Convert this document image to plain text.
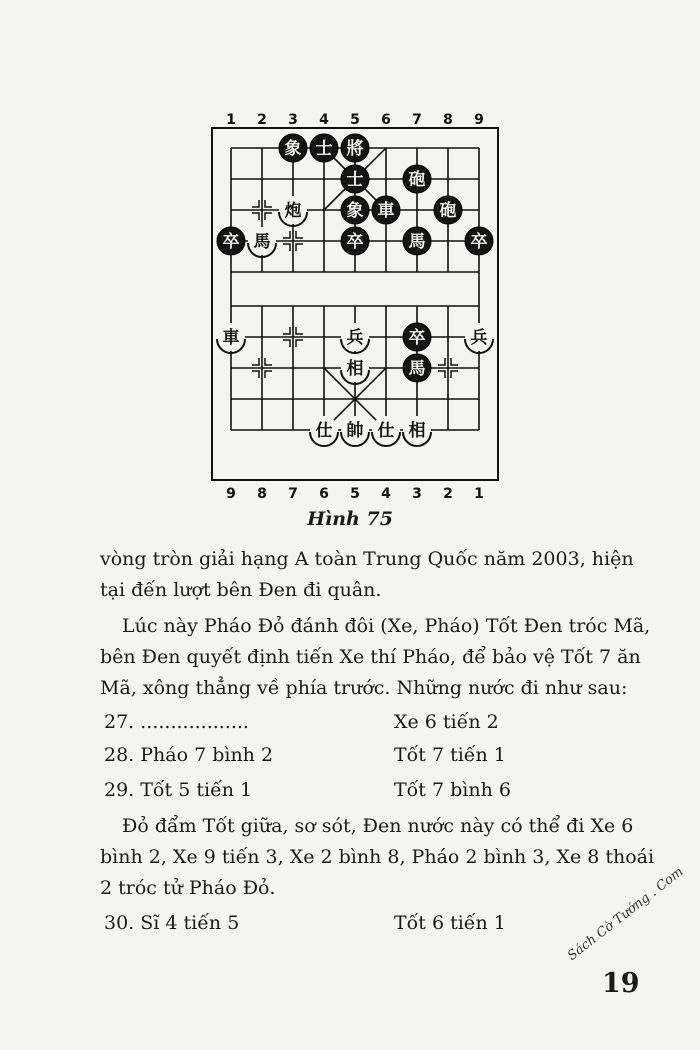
1 2 3 4 5 6 7 8 9
象 士 將
士	砲
象 車	砲
卒	卒	馬	卒
卒
馬
炮
馬
車	兵	兵
相
仕 帥 仕 相
9 8 7 6 5 4 3 2 1
Hình 75

vòng tròn giải hạng A toàn Trung Quốc năm 2003, hiện
tại đến lượt bên Đen đi quân.

Lúc này Pháo Đỏ đánh đôi (Xe, Pháo) Tốt Đen tróc Mã,
bên Đen quyết định tiến Xe thí Pháo, để bảo vệ Tốt 7 ăn
Mã, xông thẳng về phía trước. Những nước đi như sau:

27. ..................	Xe 6 tiến 2
28. Pháo 7 bình 2	Tốt 7 tiến 1
29. Tốt 5 tiến 1	Tốt 7 bình 6

Đỏ đẩm Tốt giữa, sơ sót, Đen nước này có thể đi Xe 6
bình 2, Xe 9 tiến 3, Xe 2 bình 8, Pháo 2 bình 3, Xe 8 thoái
2 tróc tử Pháo Đỏ.

30. Sĩ 4 tiến 5	Tốt 6 tiến 1
19
Sách Cờ Tướng . Com
